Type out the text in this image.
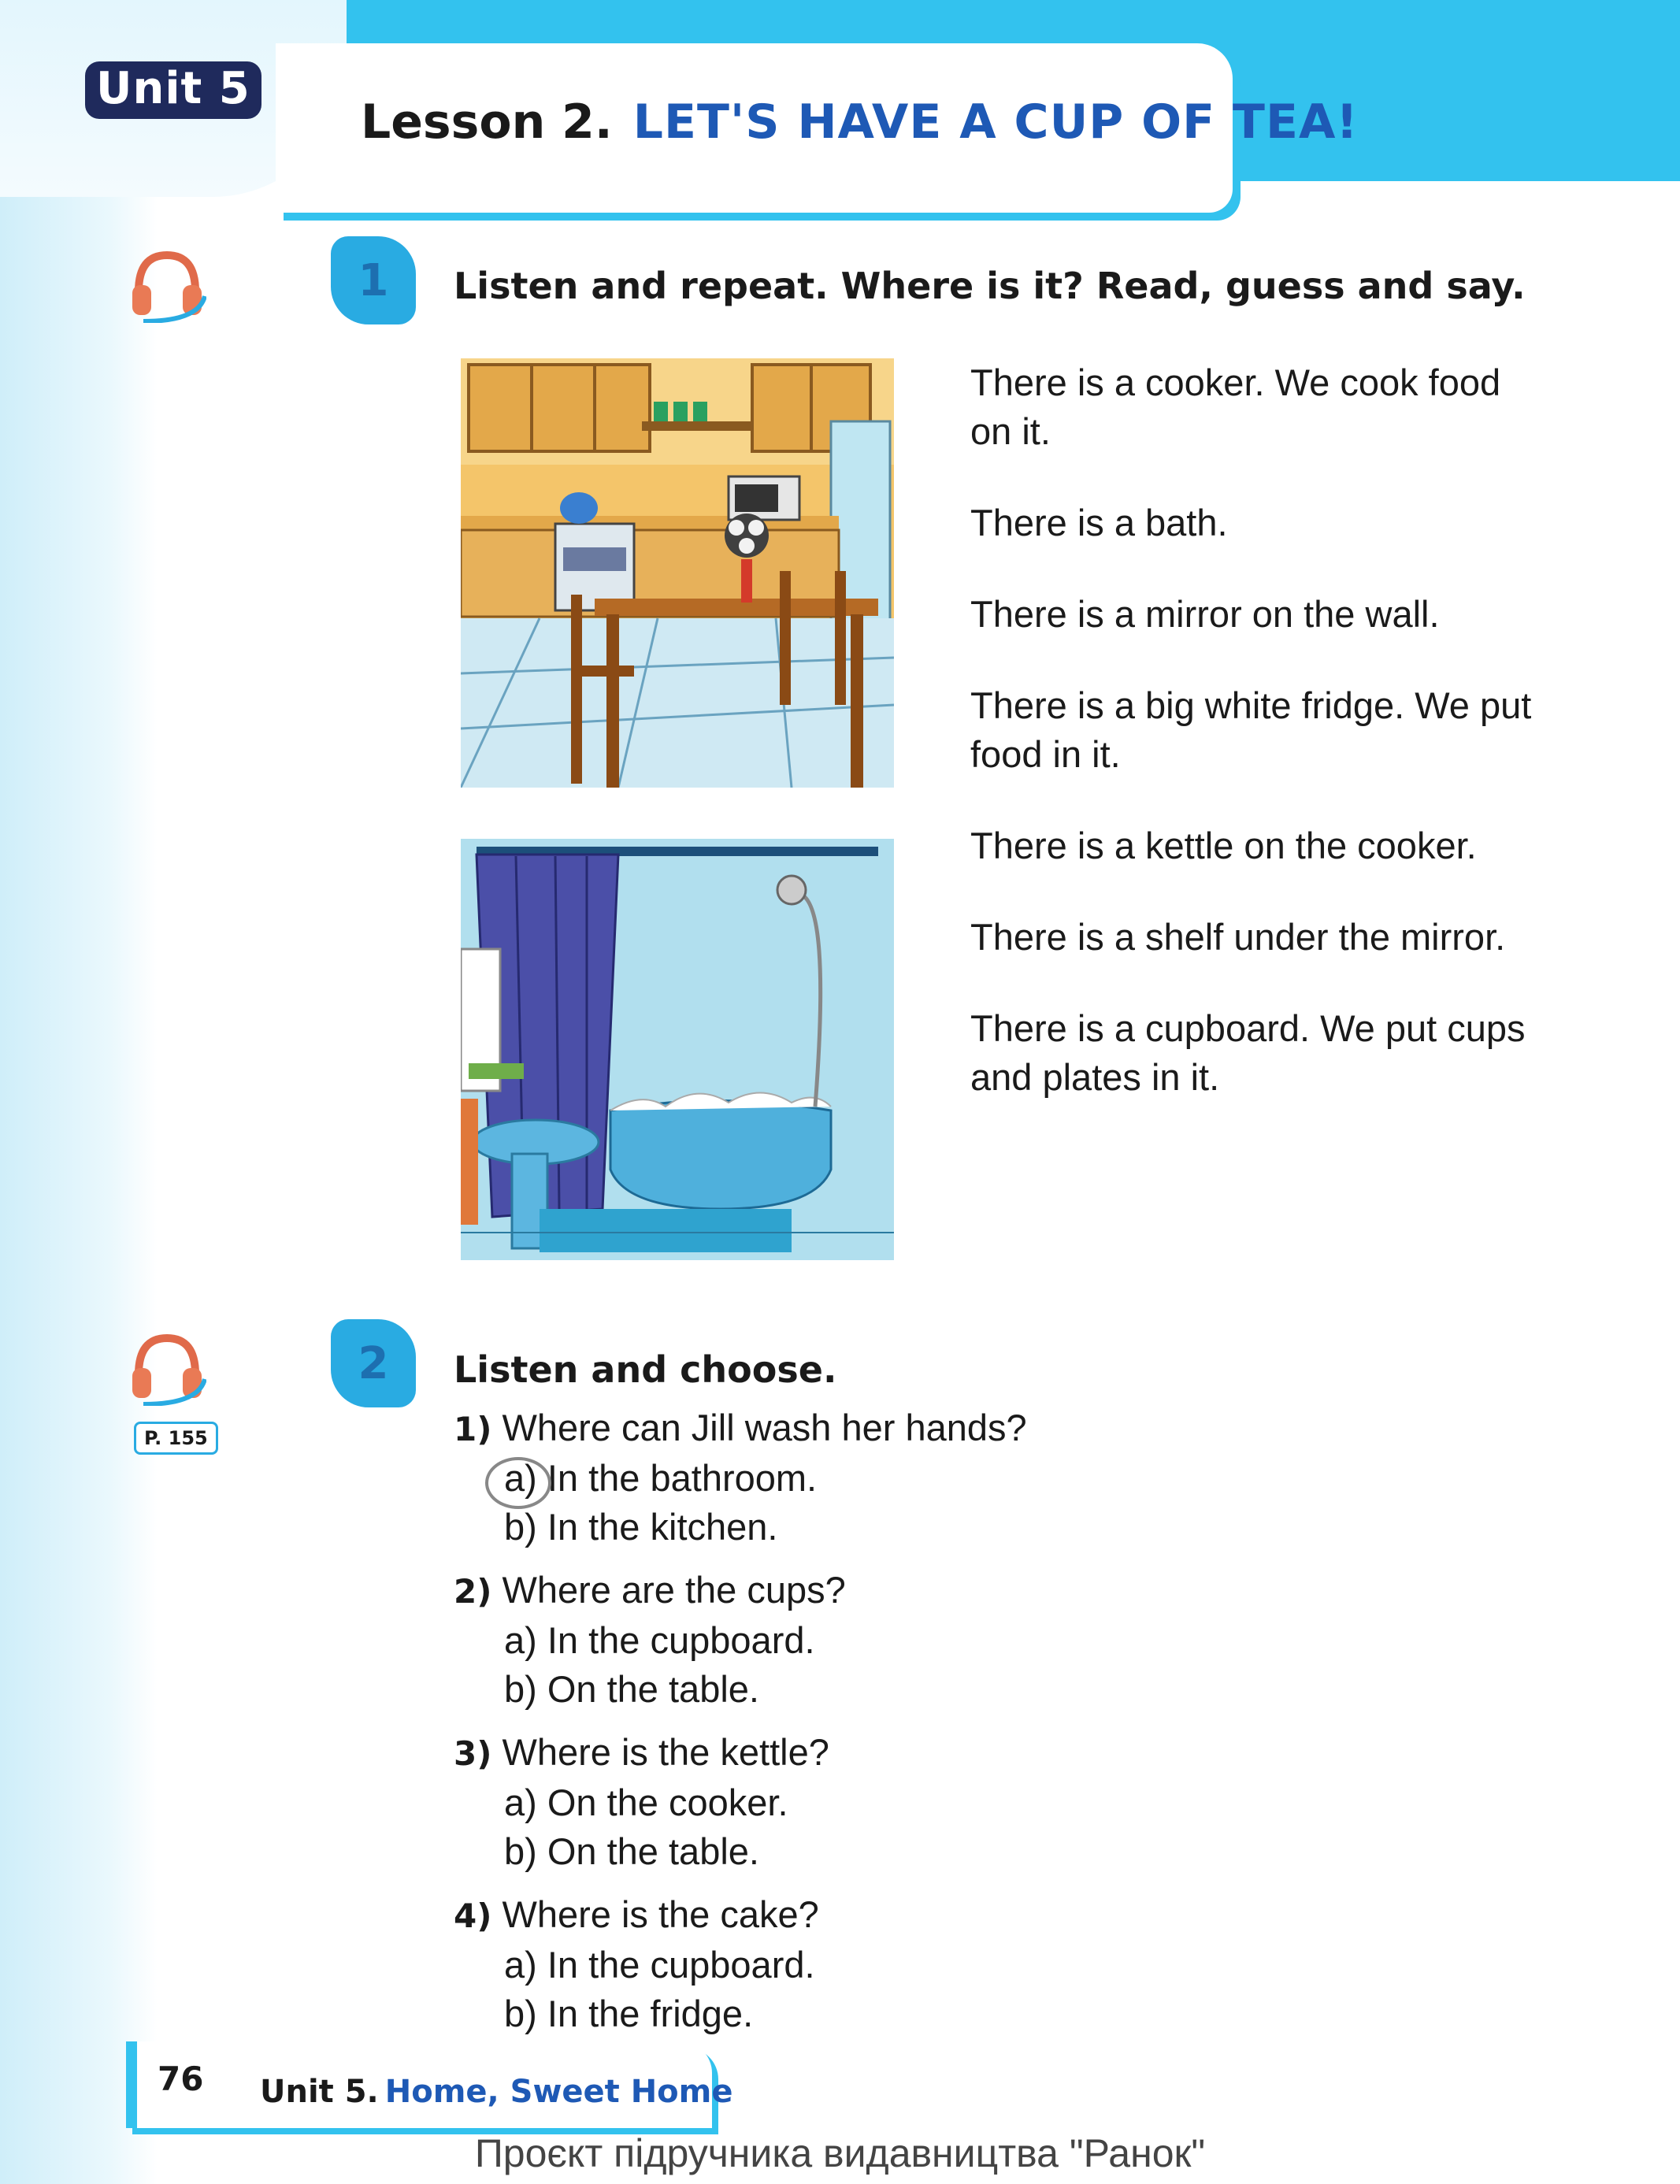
Unit 5
Lesson 2. LET'S HAVE A CUP OF TEA!
1 Listen and repeat. Where is it? Read, guess and say.
There is a cooker. We cook food on it.
There is a bath.
There is a mirror on the wall.
There is a big white fridge. We put food in it.
There is a kettle on the cooker.
There is a shelf under the mirror.
There is a cupboard. We put cups and plates in it.
P. 155
2 Listen and choose.
1) Where can Jill wash her hands?
a) In the bathroom.
b) In the kitchen.
2) Where are the cups?
a) In the cupboard.
b) On the table.
3) Where is the kettle?
a) On the cooker.
b) On the table.
4) Where is the cake?
a) In the cupboard.
b) In the fridge.
76 Unit 5. Home, Sweet Home
Проєкт підручника видавництва "Ранок"
